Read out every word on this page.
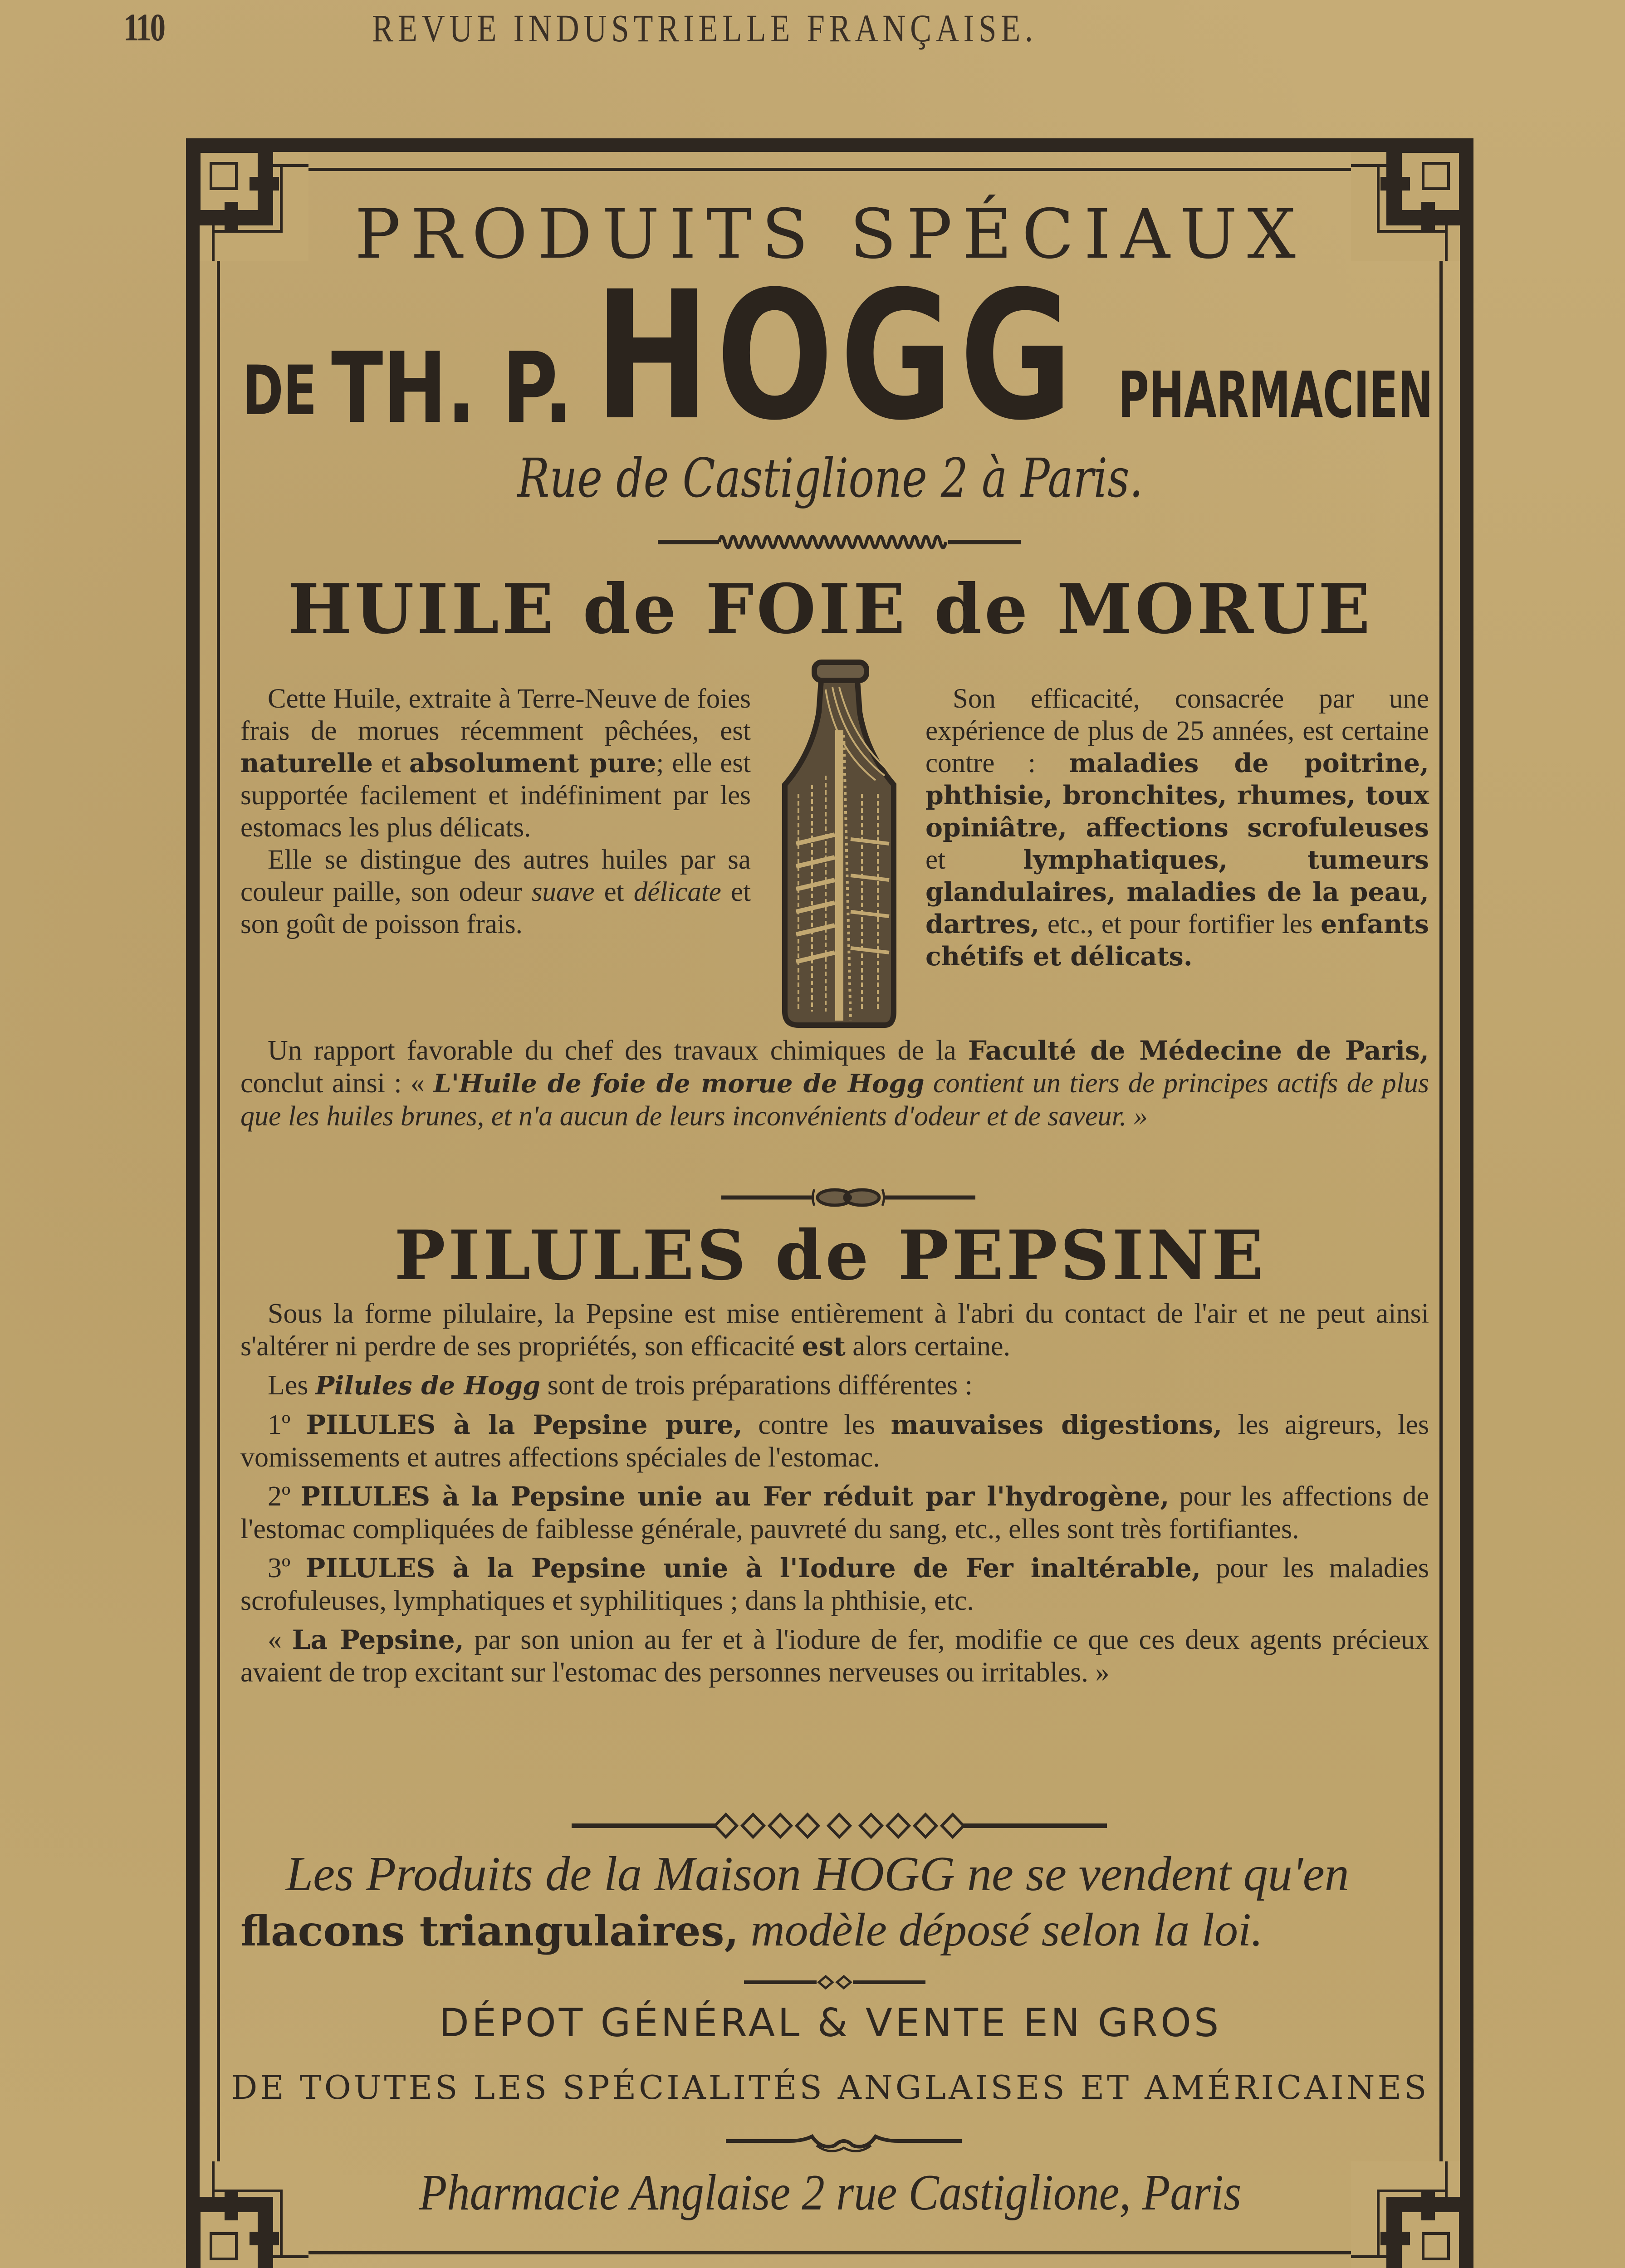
110	REVUE INDUSTRIELLE FRANÇAISE.
PRODUITS SPÉCIAUX
DE TH. P. HOGG PHARMACIEN
Rue de Castiglione 2 à Paris.
HUILE de FOIE de MORUE

Cette Huile, extraite à Terre-Neuve de foies frais de morues récemment pêchées, est naturelle et absolument pure; elle est supportée facilement et indéfiniment par les estomacs les plus délicats.

Elle se distingue des autres huiles par sa couleur paille, son odeur suave et délicate et son goût de poisson frais.

Son efficacité, consacrée par une expérience de plus de 25 années, est certaine contre : maladies de poitrine, phthisie, bronchites, rhumes, toux opiniâtre, affections scrofuleuses et lymphatiques, tumeurs glandulaires, maladies de la peau, dartres, etc., et pour fortifier les enfants chétifs et délicats.

Un rapport favorable du chef des travaux chimiques de la Faculté de Médecine de Paris, conclut ainsi : « L'Huile de foie de morue de Hogg contient un tiers de principes actifs de plus que les huiles brunes, et n'a aucun de leurs inconvénients d'odeur et de saveur. »

PILULES de PEPSINE

Sous la forme pilulaire, la Pepsine est mise entièrement à l'abri du contact de l'air et ne peut ainsi s'altérer ni perdre de ses propriétés, son efficacité est alors certaine.

Les Pilules de Hogg sont de trois préparations différentes :

1º PILULES à la Pepsine pure, contre les mauvaises digestions, les aigreurs, les vomissements et autres affections spéciales de l'estomac.

2º PILULES à la Pepsine unie au Fer réduit par l'hydrogène, pour les affections de l'estomac compliquées de faiblesse générale, pauvreté du sang, etc., elles sont très fortifiantes.

3º PILULES à la Pepsine unie à l'Iodure de Fer inaltérable, pour les maladies scrofuleuses, lymphatiques et syphilitiques ; dans la phthisie, etc.

« La Pepsine, par son union au fer et à l'iodure de fer, modifie ce que ces deux agents précieux avaient de trop excitant sur l'estomac des personnes nerveuses ou irritables. »

Les Produits de la Maison HOGG ne se vendent qu'en
flacons triangulaires, modèle déposé selon la loi.
DÉPOT GÉNÉRAL & VENTE EN GROS
DE TOUTES LES SPÉCIALITÉS ANGLAISES ET AMÉRICAINES
Pharmacie Anglaise 2 rue Castiglione, Paris
